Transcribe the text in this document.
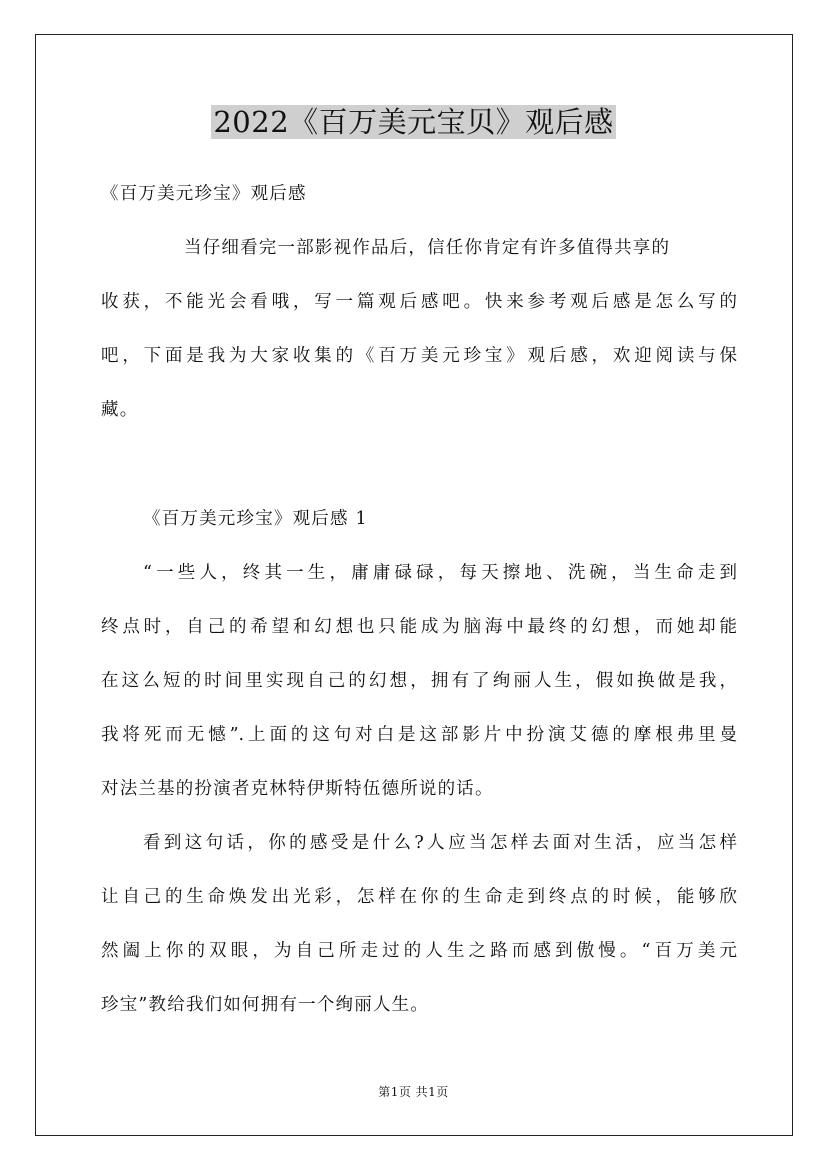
2022《百万美元宝贝》观后感
《百万美元珍宝》观后感
当仔细看完一部影视作品后，信任你肯定有许多值得共享的
收获，不能光会看哦，写一篇观后感吧。快来参考观后感是怎么写的
吧，下面是我为大家收集的《百万美元珍宝》观后感，欢迎阅读与保
藏。
《百万美元珍宝》观后感 1
“一些人，终其一生，庸庸碌碌，每天擦地、洗碗，当生命走到
终点时，自己的希望和幻想也只能成为脑海中最终的幻想，而她却能
在这么短的时间里实现自己的幻想，拥有了绚丽人生，假如换做是我，
我将死而无憾”.上面的这句对白是这部影片中扮演艾德的摩根弗里曼
对法兰基的扮演者克林特伊斯特伍德所说的话。
看到这句话，你的感受是什么?人应当怎样去面对生活，应当怎样
让自己的生命焕发出光彩，怎样在你的生命走到终点的时候，能够欣
然阖上你的双眼，为自己所走过的人生之路而感到傲慢。“百万美元
珍宝”教给我们如何拥有一个绚丽人生。
第1页 共1页
